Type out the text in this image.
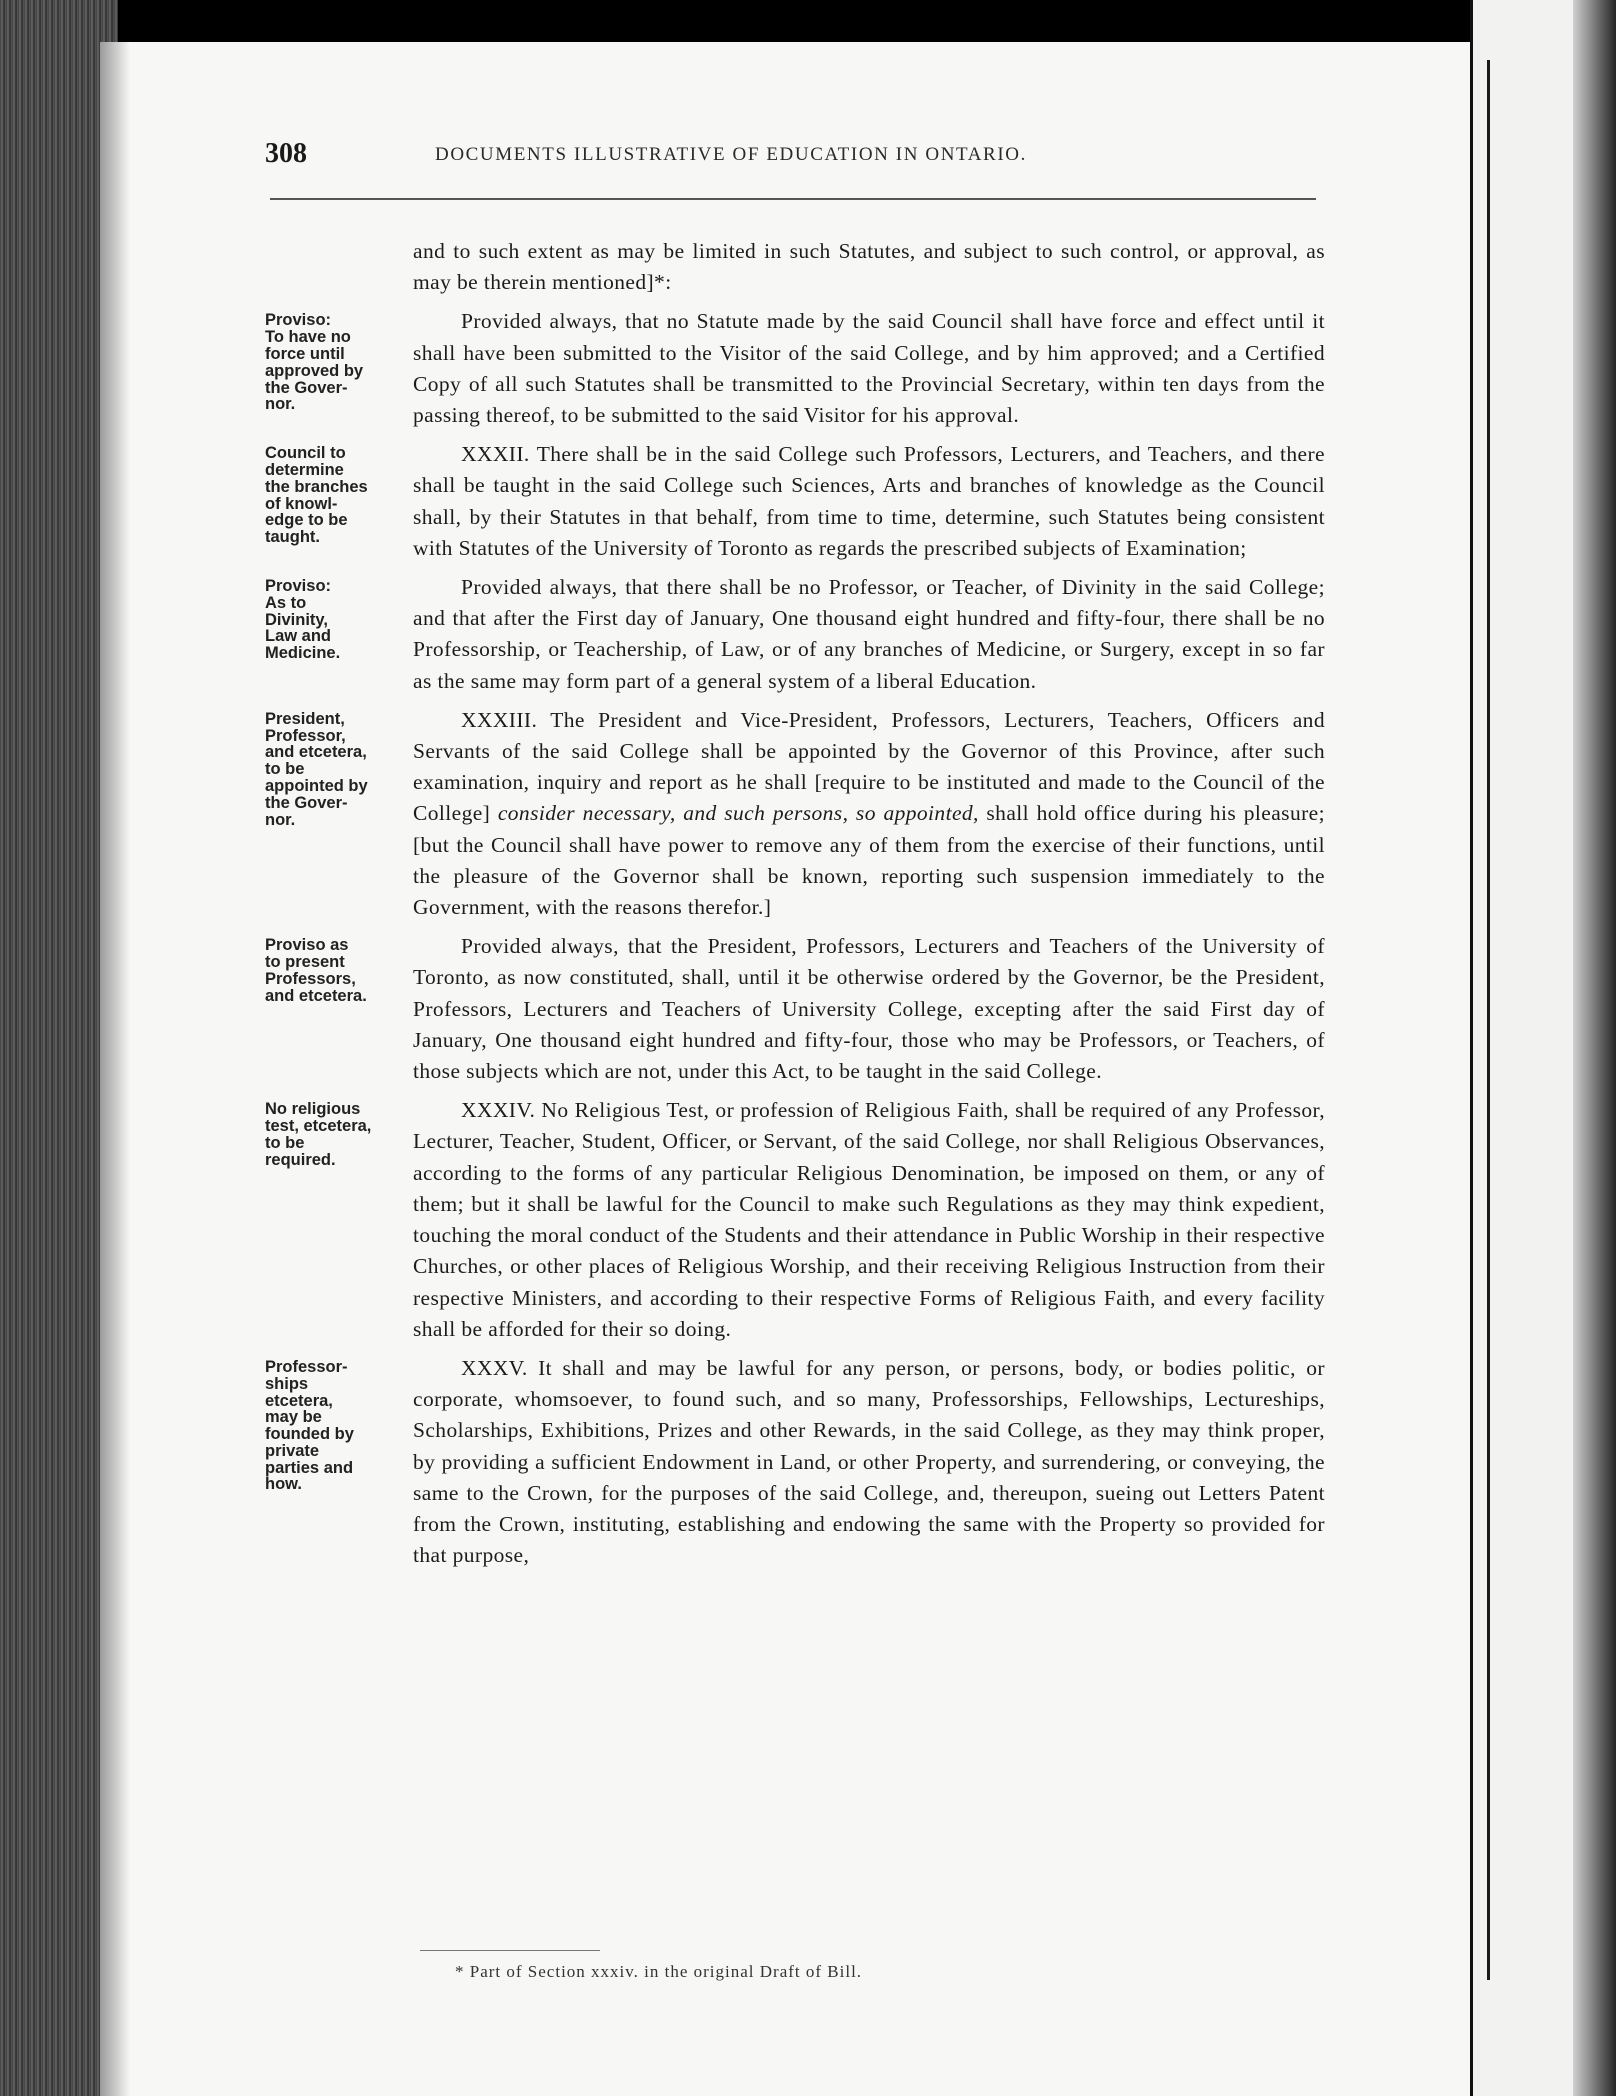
308	DOCUMENTS ILLUSTRATIVE OF EDUCATION IN ONTARIO.
and to such extent as may be limited in such Statutes, and subject to such control, or approval, as may be therein mentioned]*:
Proviso:
To have no
force until
approved by
the Gover-
nor.
Provided always, that no Statute made by the said Council shall have force and effect until it shall have been submitted to the Visitor of the said College, and by him approved; and a Certified Copy of all such Statutes shall be transmitted to the Provincial Secretary, within ten days from the passing thereof, to be submitted to the said Visitor for his approval.
Council to
determine
the branches
of knowl-
edge to be
taught.
XXXII. There shall be in the said College such Professors, Lecturers, and Teachers, and there shall be taught in the said College such Sciences, Arts and branches of knowledge as the Council shall, by their Statutes in that behalf, from time to time, determine, such Statutes being consistent with Statutes of the University of Toronto as regards the prescribed subjects of Examination;
Proviso:
As to
Divinity,
Law and
Medicine.
Provided always, that there shall be no Professor, or Teacher, of Divinity in the said College; and that after the First day of January, One thousand eight hundred and fifty-four, there shall be no Professorship, or Teachership, of Law, or of any branches of Medicine, or Surgery, except in so far as the same may form part of a general system of a liberal Education.
President,
Professor,
and etcetera,
to be
appointed by
the Gover-
nor.
XXXIII. The President and Vice-President, Professors, Lecturers, Teachers, Officers and Servants of the said College shall be appointed by the Governor of this Province, after such examination, inquiry and report as he shall [require to be instituted and made to the Council of the College] consider necessary, and such persons, so appointed, shall hold office during his pleasure; [but the Council shall have power to remove any of them from the exercise of their functions, until the pleasure of the Governor shall be known, reporting such suspension immediately to the Government, with the reasons therefor.]
Proviso as
to present
Professors,
and etcetera.
Provided always, that the President, Professors, Lecturers and Teachers of the University of Toronto, as now constituted, shall, until it be otherwise ordered by the Governor, be the President, Professors, Lecturers and Teachers of University College, excepting after the said First day of January, One thousand eight hundred and fifty-four, those who may be Professors, or Teachers, of those subjects which are not, under this Act, to be taught in the said College.
No religious
test, etcetera,
to be
required.
XXXIV. No Religious Test, or profession of Religious Faith, shall be required of any Professor, Lecturer, Teacher, Student, Officer, or Servant, of the said College, nor shall Religious Observances, according to the forms of any particular Religious Denomination, be imposed on them, or any of them; but it shall be lawful for the Council to make such Regulations as they may think expedient, touching the moral conduct of the Students and their attendance in Public Worship in their respective Churches, or other places of Religious Worship, and their receiving Religious Instruction from their respective Ministers, and according to their respective Forms of Religious Faith, and every facility shall be afforded for their so doing.
Professor-
ships
etcetera,
may be
founded by
private
parties and
how.
XXXV. It shall and may be lawful for any person, or persons, body, or bodies politic, or corporate, whomsoever, to found such, and so many, Professorships, Fellowships, Lectureships, Scholarships, Exhibitions, Prizes and other Rewards, in the said College, as they may think proper, by providing a sufficient Endowment in Land, or other Property, and surrendering, or conveying, the same to the Crown, for the purposes of the said College, and, thereupon, sueing out Letters Patent from the Crown, instituting, establishing and endowing the same with the Property so provided for that purpose,
* Part of Section xxxiv. in the original Draft of Bill.
